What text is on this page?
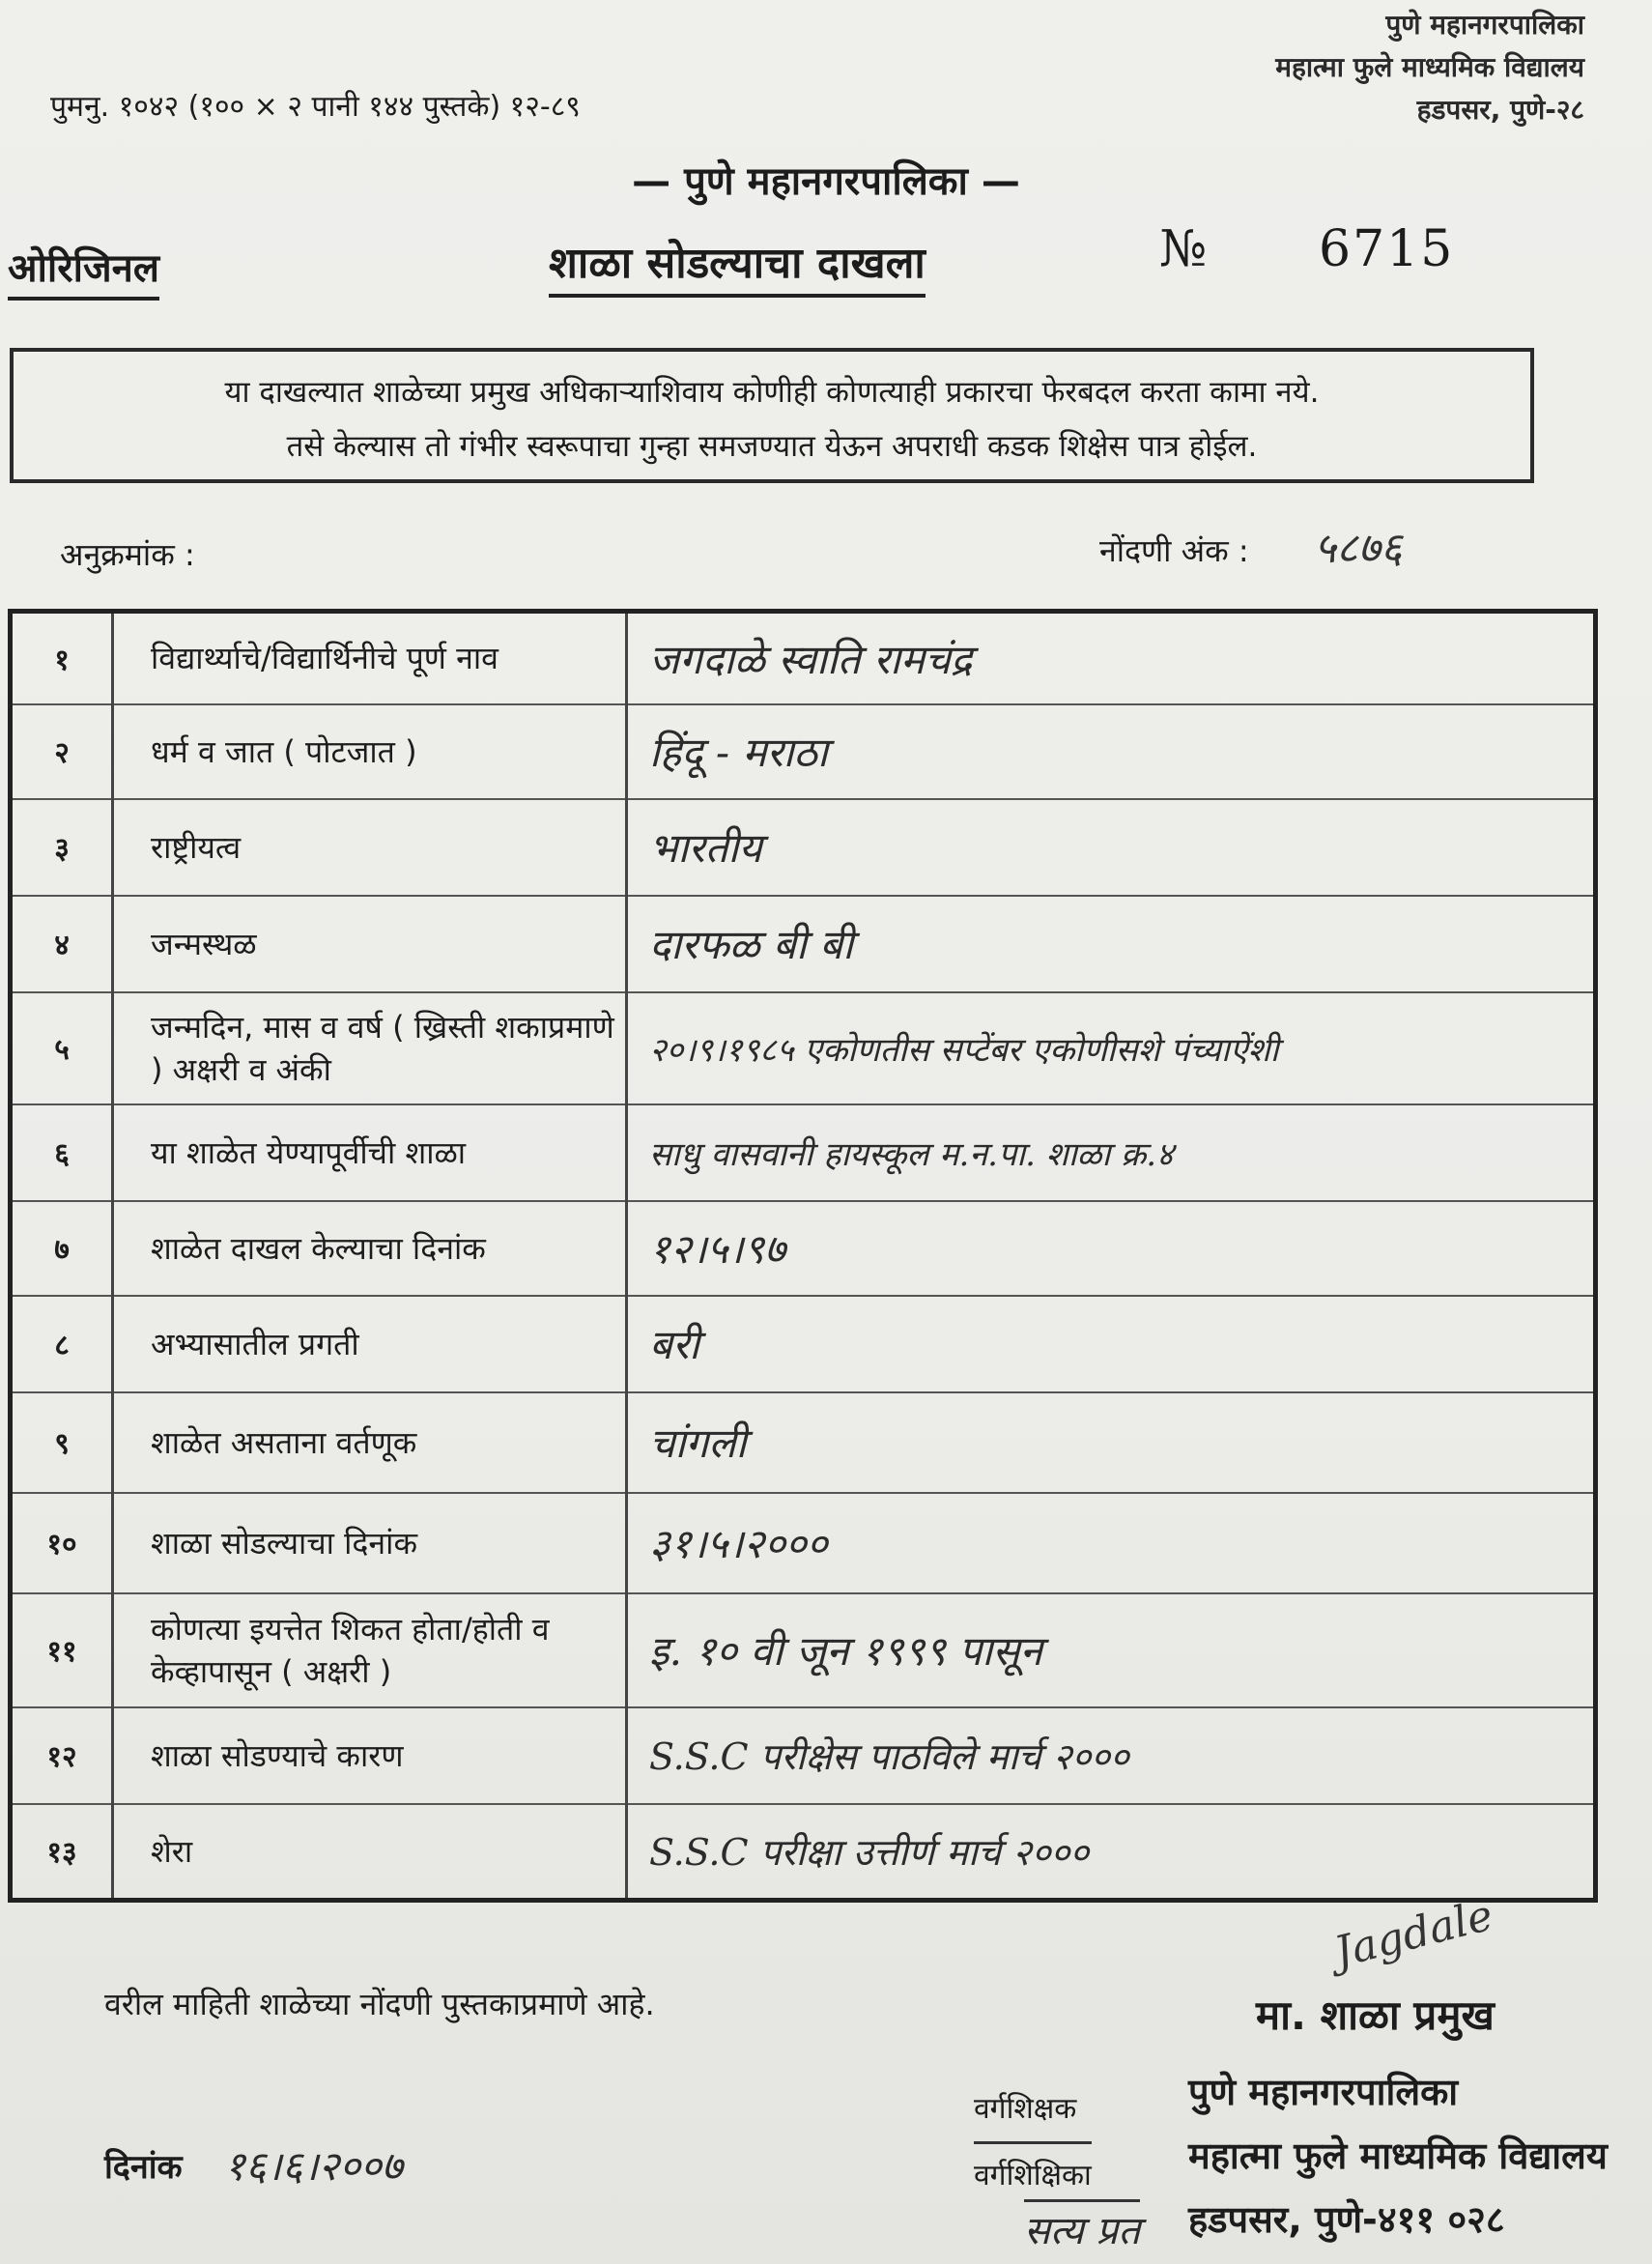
पुमनु. १०४२ (१०० × २ पानी १४४ पुस्तके) १२-८९
पुणे महानगरपालिका
महात्मा फुले माध्यमिक विद्यालय
हडपसर, पुणे-२८
— पुणे महानगरपालिका —
ओरिजिनल	शाळा सोडल्याचा दाखला	№ 6715
या दाखल्यात शाळेच्या प्रमुख अधिकाऱ्याशिवाय कोणीही कोणत्याही प्रकारचा फेरबदल करता कामा नये.
तसे केल्यास तो गंभीर स्वरूपाचा गुन्हा समजण्यात येऊन अपराधी कडक शिक्षेस पात्र होईल.
अनुक्रमांक :	नोंदणी अंक : ५८७६
१	विद्यार्थ्याचे/विद्यार्थिनीचे पूर्ण नाव	जगदाळे स्वाति रामचंद्र
२	धर्म व जात ( पोटजात )	हिंदू - मराठा
३	राष्ट्रीयत्व	भारतीय
४	जन्मस्थळ	दारफळ बी बी
५	जन्मदिन, मास व वर्ष ( ख्रिस्ती शकाप्रमाणे ) अक्षरी व अंकी	२०।९।१९८५ एकोणतीस सप्टेंबर एकोणीसशे पंच्याऐंशी
६	या शाळेत येण्यापूर्वीची शाळा	साधु वासवानी हायस्कूल म.न.पा. शाळा क्र.४
७	शाळेत दाखल केल्याचा दिनांक	१२।५।९७
८	अभ्यासातील प्रगती	बरी
९	शाळेत असताना वर्तणूक	चांगली
१०	शाळा सोडल्याचा दिनांक	३१।५।२०००
११	कोणत्या इयत्तेत शिकत होता/होती व केव्हापासून ( अक्षरी )	इ. १० वी जून १९९९ पासून
१२	शाळा सोडण्याचे कारण	S.S.C परीक्षेस पाठविले मार्च २०००
१३	शेरा	S.S.C परीक्षा उत्तीर्ण मार्च २०००
वरील माहिती शाळेच्या नोंदणी पुस्तकाप्रमाणे आहे.
Jagdale
मा. शाळा प्रमुख
पुणे महानगरपालिका
महात्मा फुले माध्यमिक विद्यालय
हडपसर, पुणे-४११ ०२८
वर्गशिक्षक
वर्गशिक्षिका
दिनांक १६।६।२००७
सत्य प्रत
